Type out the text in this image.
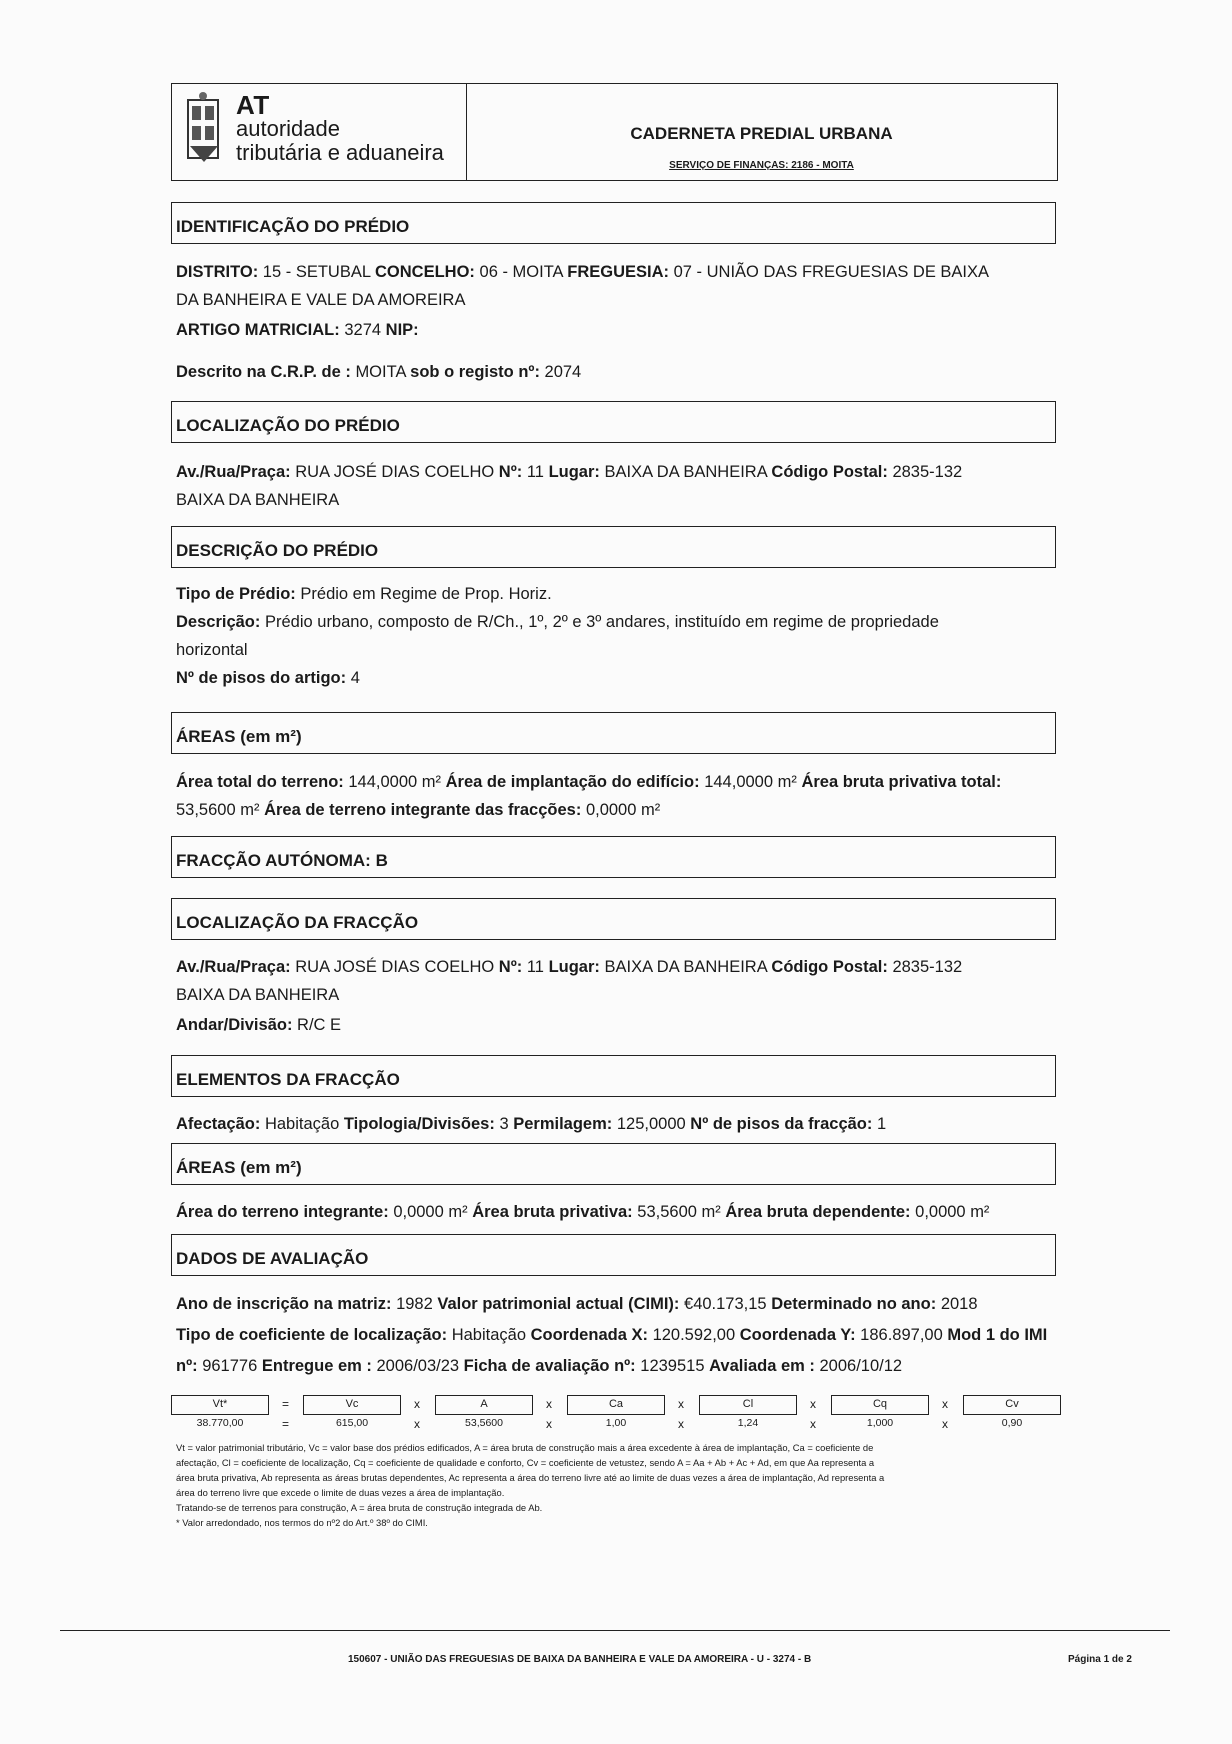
AT
autoridade
tributária e aduaneira
CADERNETA PREDIAL URBANA
SERVIÇO DE FINANÇAS: 2186 - MOITA
IDENTIFICAÇÃO DO PRÉDIO
DISTRITO: 15 - SETUBAL CONCELHO: 06 - MOITA FREGUESIA: 07 - UNIÃO DAS FREGUESIAS DE BAIXA
DA BANHEIRA E VALE DA AMOREIRA
ARTIGO MATRICIAL: 3274 NIP:
Descrito na C.R.P. de : MOITA sob o registo nº: 2074
LOCALIZAÇÃO DO PRÉDIO
Av./Rua/Praça: RUA JOSÉ DIAS COELHO Nº: 11 Lugar: BAIXA DA BANHEIRA Código Postal: 2835-132
BAIXA DA BANHEIRA
DESCRIÇÃO DO PRÉDIO
Tipo de Prédio: Prédio em Regime de Prop. Horiz.
Descrição: Prédio urbano, composto de R/Ch., 1º, 2º e 3º andares, instituído em regime de propriedade
horizontal
Nº de pisos do artigo: 4
ÁREAS (em m²)
Área total do terreno: 144,0000 m² Área de implantação do edifício: 144,0000 m² Área bruta privativa total:
53,5600 m² Área de terreno integrante das fracções: 0,0000 m²
FRACÇÃO AUTÓNOMA: B
LOCALIZAÇÃO DA FRACÇÃO
Av./Rua/Praça: RUA JOSÉ DIAS COELHO Nº: 11 Lugar: BAIXA DA BANHEIRA Código Postal: 2835-132
BAIXA DA BANHEIRA
Andar/Divisão: R/C E
ELEMENTOS DA FRACÇÃO
Afectação: Habitação Tipologia/Divisões: 3 Permilagem: 125,0000 Nº de pisos da fracção: 1
ÁREAS (em m²)
Área do terreno integrante: 0,0000 m² Área bruta privativa: 53,5600 m² Área bruta dependente: 0,0000 m²
DADOS DE AVALIAÇÃO
Ano de inscrição na matriz: 1982 Valor patrimonial actual (CIMI): €40.173,15 Determinado no ano: 2018
Tipo de coeficiente de localização: Habitação Coordenada X: 120.592,00 Coordenada Y: 186.897,00 Mod 1 do IMI nº: 961776 Entregue em : 2006/03/23 Ficha de avaliação nº: 1239515 Avaliada em : 2006/10/12
Vt*
38.770,00
=
=
Vc
615,00
x
x
A
53,5600
x
x
Ca
1,00
x
x
Cl
1,24
x
x
Cq
1,000
x
x
Cv
0,90
Vt = valor patrimonial tributário, Vc = valor base dos prédios edificados, A = área bruta de construção mais a área excedente à área de implantação, Ca = coeficiente de
afectação, Cl = coeficiente de localização, Cq = coeficiente de qualidade e conforto, Cv = coeficiente de vetustez, sendo A = Aa + Ab + Ac + Ad, em que Aa representa a
área bruta privativa, Ab representa as áreas brutas dependentes, Ac representa a área do terreno livre até ao limite de duas vezes a área de implantação, Ad representa a
área do terreno livre que excede o limite de duas vezes a área de implantação.
Tratando-se de terrenos para construção, A = área bruta de construção integrada de Ab.
* Valor arredondado, nos termos do nº2 do Art.º 38º do CIMI.
150607 - UNIÃO DAS FREGUESIAS DE BAIXA DA BANHEIRA E VALE DA AMOREIRA - U - 3274 - B	Página 1 de 2
